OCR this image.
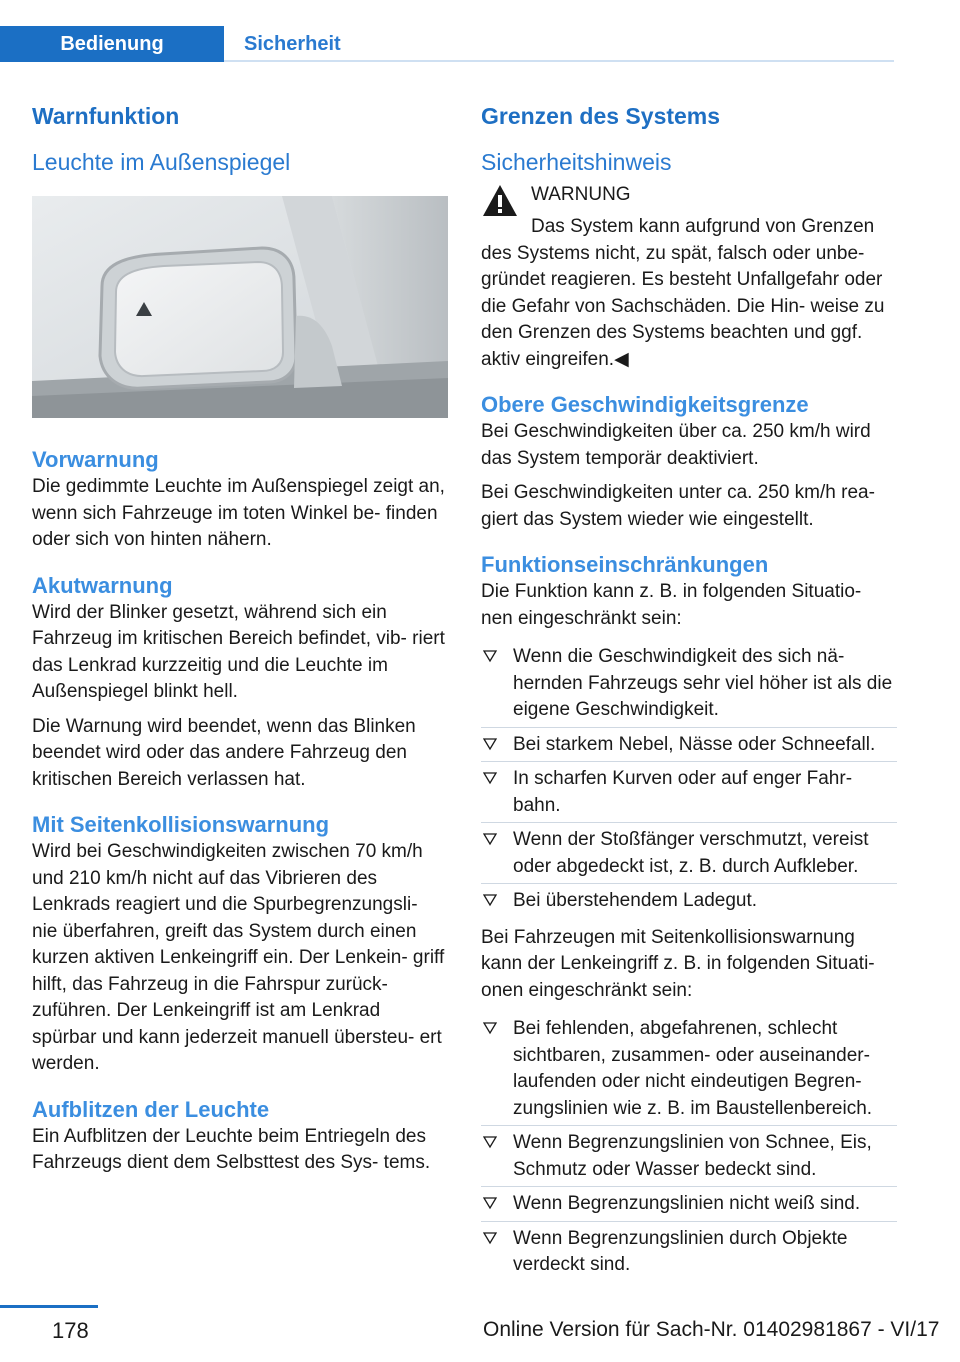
Bedienung	Sicherheit
Warnfunktion
Leuchte im Außenspiegel
Vorwarnung

Die gedimmte Leuchte im Außenspiegel zeigt an, wenn sich Fahrzeuge im toten Winkel be‐ finden oder sich von hinten nähern.

Akutwarnung

Wird der Blinker gesetzt, während sich ein Fahrzeug im kritischen Bereich befindet, vib‐ riert das Lenkrad kurzzeitig und die Leuchte im Außenspiegel blinkt hell.

Die Warnung wird beendet, wenn das Blinken beendet wird oder das andere Fahrzeug den kritischen Bereich verlassen hat.

Mit Seitenkollisionswarnung

Wird bei Geschwindigkeiten zwischen 70 km/h und 210 km/h nicht auf das Vibrieren des Lenkrads reagiert und die Spurbegrenzungsli‐ nie überfahren, greift das System durch einen kurzen aktiven Lenkeingriff ein. Der Lenkein‐ griff hilft, das Fahrzeug in die Fahrspur zurück‐ zuführen. Der Lenkeingriff ist am Lenkrad spürbar und kann jederzeit manuell übersteu‐ ert werden.

Aufblitzen der Leuchte

Ein Aufblitzen der Leuchte beim Entriegeln des Fahrzeugs dient dem Selbsttest des Sys‐ tems.

Grenzen des Systems
Sicherheitshinweis
WARNUNG

Das System kann aufgrund von Grenzen des Systems nicht, zu spät, falsch oder unbe‐ gründet reagieren. Es besteht Unfallgefahr oder die Gefahr von Sachschäden. Die Hin‐ weise zu den Grenzen des Systems beachten und ggf. aktiv eingreifen.◀

Obere Geschwindigkeitsgrenze

Bei Geschwindigkeiten über ca. 250 km/h wird das System temporär deaktiviert.

Bei Geschwindigkeiten unter ca. 250 km/h rea‐ giert das System wieder wie eingestellt.

Funktionseinschränkungen

Die Funktion kann z. B. in folgenden Situatio‐ nen eingeschränkt sein:

Wenn die Geschwindigkeit des sich nä‐ hernden Fahrzeugs sehr viel höher ist als die eigene Geschwindigkeit.
Bei starkem Nebel, Nässe oder Schneefall.
In scharfen Kurven oder auf enger Fahr‐ bahn.
Wenn der Stoßfänger verschmutzt, vereist oder abgedeckt ist, z. B. durch Aufkleber.
Bei überstehendem Ladegut.

Bei Fahrzeugen mit Seitenkollisionswarnung kann der Lenkeingriff z. B. in folgenden Situati‐ onen eingeschränkt sein:

Bei fehlenden, abgefahrenen, schlecht sichtbaren, zusammen- oder auseinander‐ laufenden oder nicht eindeutigen Begren‐ zungslinien wie z. B. im Baustellenbereich.
Wenn Begrenzungslinien von Schnee, Eis, Schmutz oder Wasser bedeckt sind.
Wenn Begrenzungslinien nicht weiß sind.
Wenn Begrenzungslinien durch Objekte verdeckt sind.
178	Online Version für Sach-Nr. 01402981867 - VI/17
